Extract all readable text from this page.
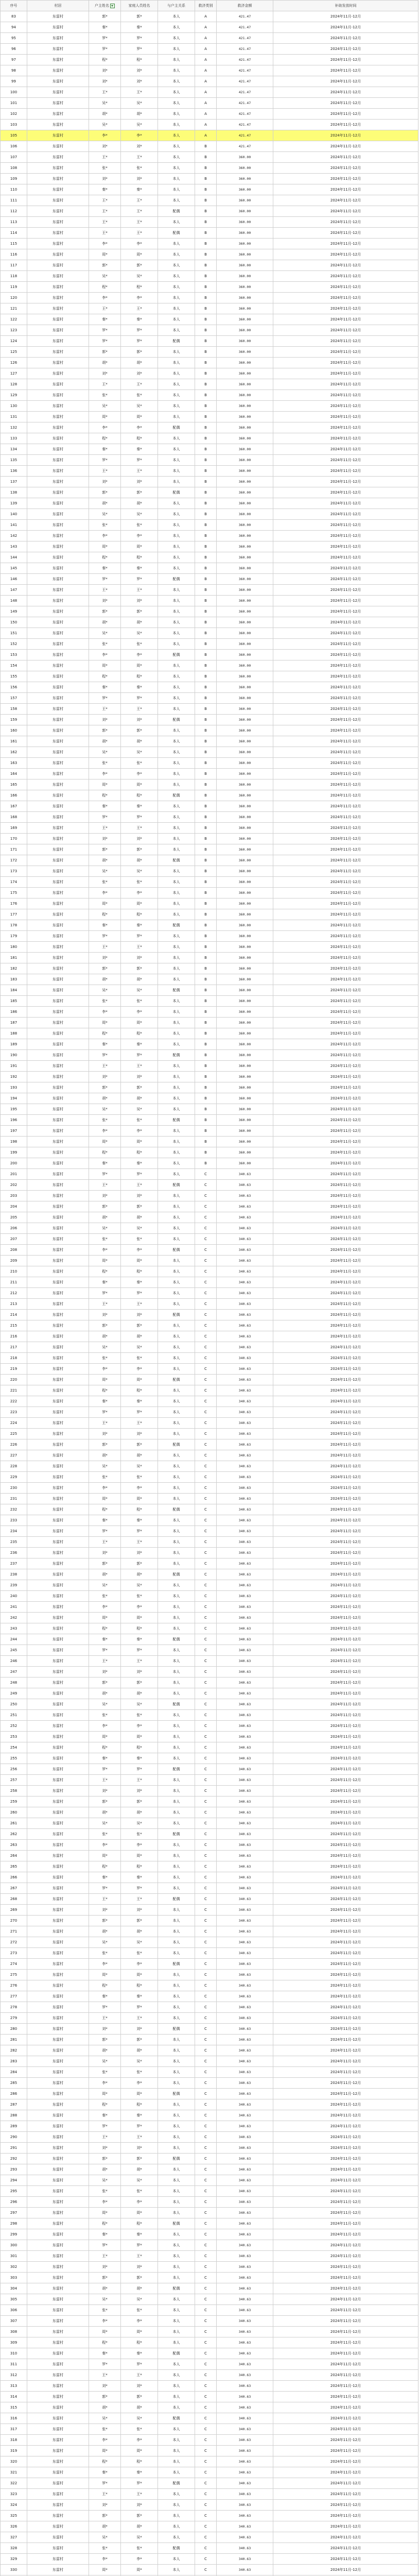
序号	村居	户主姓名	家庭人员姓名	与户主关系	救济类别	救济金额	补助发放时间
83	东雷村	郭*	郭*	本人	A	421.47	2024年11月-12月
94	东雷村	秦*	秦*	本人	A	421.47	2024年11月-12月
95	东雷村	罗*	罗*	本人	A	421.47	2024年11月-12月
96	东雷村	罗*	罗*	本人	A	421.47	2024年11月-12月
97	东雷村	程*	程*	本人	A	421.47	2024年11月-12月
98	东雷村	刘*	刘*	本人	A	421.47	2024年11月-12月
99	东雷村	刘*	刘*	本人	A	421.47	2024年11月-12月
100	东雷村	王*	王*	本人	A	421.47	2024年11月-12月
101	东雷村	吴*	吴*	本人	A	421.47	2024年11月-12月
102	东雷村	胡*	胡*	本人	A	421.47	2024年11月-12月
103	东雷村	吴*	吴*	本人	A	421.47	2024年11月-12月
105	东雷村	李*	李*	本人	A	421.47	2024年11月-12月
106	东雷村	刘*	刘*	本人	B	421.47	2024年11月-12月
107	东雷村	王*	王*	本人	B	360.00	2024年11月-12月
108	东雷村	张*	张*	本人	B	360.00	2024年11月-12月
109	东雷村	刘*	刘*	本人	B	360.00	2024年11月-12月
110	东雷村	秦*	秦*	本人	B	360.00	2024年11月-12月
111	东雷村	王*	王*	本人	B	360.00	2024年11月-12月
112	东雷村	王*	王*	配偶	B	360.00	2024年11月-12月
113	东雷村	王*	王*	本人	B	360.00	2024年11月-12月
114	东雷村	王*	王*	配偶	B	360.00	2024年11月-12月
115	东雷村	李*	李*	本人	B	360.00	2024年11月-12月
116	东雷村	周*	周*	本人	B	360.00	2024年11月-12月
117	东雷村	郭*	郭*	本人	B	360.00	2024年11月-12月
118	东雷村	吴*	吴*	本人	B	360.00	2024年11月-12月
119	东雷村	程*	程*	本人	B	360.00	2024年11月-12月
120	东雷村	李*	李*	本人	B	360.00	2024年11月-12月
121	东雷村	王*	王*	本人	B	360.00	2024年11月-12月
122	东雷村	秦*	秦*	本人	B	360.00	2024年11月-12月
123	东雷村	罗*	罗*	本人	B	360.00	2024年11月-12月
124	东雷村	罗*	罗*	配偶	B	360.00	2024年11月-12月
125	东雷村	郭*	郭*	本人	B	360.00	2024年11月-12月
126	东雷村	胡*	胡*	本人	B	360.00	2024年11月-12月
127	东雷村	刘*	刘*	本人	B	360.00	2024年11月-12月
128	东雷村	王*	王*	本人	B	360.00	2024年11月-12月
129	东雷村	张*	张*	本人	B	360.00	2024年11月-12月
130	东雷村	吴*	吴*	本人	B	360.00	2024年11月-12月
131	东雷村	周*	周*	本人	B	360.00	2024年11月-12月
132	东雷村	李*	李*	配偶	B	360.00	2024年11月-12月
133	东雷村	程*	程*	本人	B	360.00	2024年11月-12月
134	东雷村	秦*	秦*	本人	B	360.00	2024年11月-12月
135	东雷村	罗*	罗*	本人	B	360.00	2024年11月-12月
136	东雷村	王*	王*	本人	B	360.00	2024年11月-12月
137	东雷村	刘*	刘*	本人	B	360.00	2024年11月-12月
138	东雷村	郭*	郭*	配偶	B	360.00	2024年11月-12月
139	东雷村	胡*	胡*	本人	B	360.00	2024年11月-12月
140	东雷村	吴*	吴*	本人	B	360.00	2024年11月-12月
141	东雷村	张*	张*	本人	B	360.00	2024年11月-12月
142	东雷村	李*	李*	本人	B	360.00	2024年11月-12月
143	东雷村	周*	周*	本人	B	360.00	2024年11月-12月
144	东雷村	程*	程*	本人	B	360.00	2024年11月-12月
145	东雷村	秦*	秦*	本人	B	360.00	2024年11月-12月
146	东雷村	罗*	罗*	配偶	B	360.00	2024年11月-12月
147	东雷村	王*	王*	本人	B	360.00	2024年11月-12月
148	东雷村	刘*	刘*	本人	B	360.00	2024年11月-12月
149	东雷村	郭*	郭*	本人	B	360.00	2024年11月-12月
150	东雷村	胡*	胡*	本人	B	360.00	2024年11月-12月
151	东雷村	吴*	吴*	本人	B	360.00	2024年11月-12月
152	东雷村	张*	张*	本人	B	360.00	2024年11月-12月
153	东雷村	李*	李*	配偶	B	360.00	2024年11月-12月
154	东雷村	周*	周*	本人	B	360.00	2024年11月-12月
155	东雷村	程*	程*	本人	B	360.00	2024年11月-12月
156	东雷村	秦*	秦*	本人	B	360.00	2024年11月-12月
157	东雷村	罗*	罗*	本人	B	360.00	2024年11月-12月
158	东雷村	王*	王*	本人	B	360.00	2024年11月-12月
159	东雷村	刘*	刘*	配偶	B	360.00	2024年11月-12月
160	东雷村	郭*	郭*	本人	B	360.00	2024年11月-12月
161	东雷村	胡*	胡*	本人	B	360.00	2024年11月-12月
162	东雷村	吴*	吴*	本人	B	360.00	2024年11月-12月
163	东雷村	张*	张*	本人	B	360.00	2024年11月-12月
164	东雷村	李*	李*	本人	B	360.00	2024年11月-12月
165	东雷村	周*	周*	本人	B	360.00	2024年11月-12月
166	东雷村	程*	程*	配偶	B	360.00	2024年11月-12月
167	东雷村	秦*	秦*	本人	B	360.00	2024年11月-12月
168	东雷村	罗*	罗*	本人	B	360.00	2024年11月-12月
169	东雷村	王*	王*	本人	B	360.00	2024年11月-12月
170	东雷村	刘*	刘*	本人	B	360.00	2024年11月-12月
171	东雷村	郭*	郭*	本人	B	360.00	2024年11月-12月
172	东雷村	胡*	胡*	配偶	B	360.00	2024年11月-12月
173	东雷村	吴*	吴*	本人	B	360.00	2024年11月-12月
174	东雷村	张*	张*	本人	B	360.00	2024年11月-12月
175	东雷村	李*	李*	本人	B	360.00	2024年11月-12月
176	东雷村	周*	周*	本人	B	360.00	2024年11月-12月
177	东雷村	程*	程*	本人	B	360.00	2024年11月-12月
178	东雷村	秦*	秦*	配偶	B	360.00	2024年11月-12月
179	东雷村	罗*	罗*	本人	B	360.00	2024年11月-12月
180	东雷村	王*	王*	本人	B	360.00	2024年11月-12月
181	东雷村	刘*	刘*	本人	B	360.00	2024年11月-12月
182	东雷村	郭*	郭*	本人	B	360.00	2024年11月-12月
183	东雷村	胡*	胡*	本人	B	360.00	2024年11月-12月
184	东雷村	吴*	吴*	配偶	B	360.00	2024年11月-12月
185	东雷村	张*	张*	本人	B	360.00	2024年11月-12月
186	东雷村	李*	李*	本人	B	360.00	2024年11月-12月
187	东雷村	周*	周*	本人	B	360.00	2024年11月-12月
188	东雷村	程*	程*	本人	B	360.00	2024年11月-12月
189	东雷村	秦*	秦*	本人	B	360.00	2024年11月-12月
190	东雷村	罗*	罗*	配偶	B	360.00	2024年11月-12月
191	东雷村	王*	王*	本人	B	360.00	2024年11月-12月
192	东雷村	刘*	刘*	本人	B	360.00	2024年11月-12月
193	东雷村	郭*	郭*	本人	B	360.00	2024年11月-12月
194	东雷村	胡*	胡*	本人	B	360.00	2024年11月-12月
195	东雷村	吴*	吴*	本人	B	360.00	2024年11月-12月
196	东雷村	张*	张*	配偶	B	360.00	2024年11月-12月
197	东雷村	李*	李*	本人	B	360.00	2024年11月-12月
198	东雷村	周*	周*	本人	B	360.00	2024年11月-12月
199	东雷村	程*	程*	本人	B	360.00	2024年11月-12月
200	东雷村	秦*	秦*	本人	B	360.00	2024年11月-12月
201	东雷村	罗*	罗*	本人	C	340.63	2024年11月-12月
202	东雷村	王*	王*	配偶	C	340.63	2024年11月-12月
203	东雷村	刘*	刘*	本人	C	340.63	2024年11月-12月
204	东雷村	郭*	郭*	本人	C	340.63	2024年11月-12月
205	东雷村	胡*	胡*	本人	C	340.63	2024年11月-12月
206	东雷村	吴*	吴*	本人	C	340.63	2024年11月-12月
207	东雷村	张*	张*	本人	C	340.63	2024年11月-12月
208	东雷村	李*	李*	配偶	C	340.63	2024年11月-12月
209	东雷村	周*	周*	本人	C	340.63	2024年11月-12月
210	东雷村	程*	程*	本人	C	340.63	2024年11月-12月
211	东雷村	秦*	秦*	本人	C	340.63	2024年11月-12月
212	东雷村	罗*	罗*	本人	C	340.63	2024年11月-12月
213	东雷村	王*	王*	本人	C	340.63	2024年11月-12月
214	东雷村	刘*	刘*	配偶	C	340.63	2024年11月-12月
215	东雷村	郭*	郭*	本人	C	340.63	2024年11月-12月
216	东雷村	胡*	胡*	本人	C	340.63	2024年11月-12月
217	东雷村	吴*	吴*	本人	C	340.63	2024年11月-12月
218	东雷村	张*	张*	本人	C	340.63	2024年11月-12月
219	东雷村	李*	李*	本人	C	340.63	2024年11月-12月
220	东雷村	周*	周*	配偶	C	340.63	2024年11月-12月
221	东雷村	程*	程*	本人	C	340.63	2024年11月-12月
222	东雷村	秦*	秦*	本人	C	340.63	2024年11月-12月
223	东雷村	罗*	罗*	本人	C	340.63	2024年11月-12月
224	东雷村	王*	王*	本人	C	340.63	2024年11月-12月
225	东雷村	刘*	刘*	本人	C	340.63	2024年11月-12月
226	东雷村	郭*	郭*	配偶	C	340.63	2024年11月-12月
227	东雷村	胡*	胡*	本人	C	340.63	2024年11月-12月
228	东雷村	吴*	吴*	本人	C	340.63	2024年11月-12月
229	东雷村	张*	张*	本人	C	340.63	2024年11月-12月
230	东雷村	李*	李*	本人	C	340.63	2024年11月-12月
231	东雷村	周*	周*	本人	C	340.63	2024年11月-12月
232	东雷村	程*	程*	配偶	C	340.63	2024年11月-12月
233	东雷村	秦*	秦*	本人	C	340.63	2024年11月-12月
234	东雷村	罗*	罗*	本人	C	340.63	2024年11月-12月
235	东雷村	王*	王*	本人	C	340.63	2024年11月-12月
236	东雷村	刘*	刘*	本人	C	340.63	2024年11月-12月
237	东雷村	郭*	郭*	本人	C	340.63	2024年11月-12月
238	东雷村	胡*	胡*	配偶	C	340.63	2024年11月-12月
239	东雷村	吴*	吴*	本人	C	340.63	2024年11月-12月
240	东雷村	张*	张*	本人	C	340.63	2024年11月-12月
241	东雷村	李*	李*	本人	C	340.63	2024年11月-12月
242	东雷村	周*	周*	本人	C	340.63	2024年11月-12月
243	东雷村	程*	程*	本人	C	340.63	2024年11月-12月
244	东雷村	秦*	秦*	配偶	C	340.63	2024年11月-12月
245	东雷村	罗*	罗*	本人	C	340.63	2024年11月-12月
246	东雷村	王*	王*	本人	C	340.63	2024年11月-12月
247	东雷村	刘*	刘*	本人	C	340.63	2024年11月-12月
248	东雷村	郭*	郭*	本人	C	340.63	2024年11月-12月
249	东雷村	胡*	胡*	本人	C	340.63	2024年11月-12月
250	东雷村	吴*	吴*	配偶	C	340.63	2024年11月-12月
251	东雷村	张*	张*	本人	C	340.63	2024年11月-12月
252	东雷村	李*	李*	本人	C	340.63	2024年11月-12月
253	东雷村	周*	周*	本人	C	340.63	2024年11月-12月
254	东雷村	程*	程*	本人	C	340.63	2024年11月-12月
255	东雷村	秦*	秦*	本人	C	340.63	2024年11月-12月
256	东雷村	罗*	罗*	配偶	C	340.63	2024年11月-12月
257	东雷村	王*	王*	本人	C	340.63	2024年11月-12月
258	东雷村	刘*	刘*	本人	C	340.63	2024年11月-12月
259	东雷村	郭*	郭*	本人	C	340.63	2024年11月-12月
260	东雷村	胡*	胡*	本人	C	340.63	2024年11月-12月
261	东雷村	吴*	吴*	本人	C	340.63	2024年11月-12月
262	东雷村	张*	张*	配偶	C	340.63	2024年11月-12月
263	东雷村	李*	李*	本人	C	340.63	2024年11月-12月
264	东雷村	周*	周*	本人	C	340.63	2024年11月-12月
265	东雷村	程*	程*	本人	C	340.63	2024年11月-12月
266	东雷村	秦*	秦*	本人	C	340.63	2024年11月-12月
267	东雷村	罗*	罗*	本人	C	340.63	2024年11月-12月
268	东雷村	王*	王*	配偶	C	340.63	2024年11月-12月
269	东雷村	刘*	刘*	本人	C	340.63	2024年11月-12月
270	东雷村	郭*	郭*	本人	C	340.63	2024年11月-12月
271	东雷村	胡*	胡*	本人	C	340.63	2024年11月-12月
272	东雷村	吴*	吴*	本人	C	340.63	2024年11月-12月
273	东雷村	张*	张*	本人	C	340.63	2024年11月-12月
274	东雷村	李*	李*	配偶	C	340.63	2024年11月-12月
275	东雷村	周*	周*	本人	C	340.63	2024年11月-12月
276	东雷村	程*	程*	本人	C	340.63	2024年11月-12月
277	东雷村	秦*	秦*	本人	C	340.63	2024年11月-12月
278	东雷村	罗*	罗*	本人	C	340.63	2024年11月-12月
279	东雷村	王*	王*	本人	C	340.63	2024年11月-12月
280	东雷村	刘*	刘*	配偶	C	340.63	2024年11月-12月
281	东雷村	郭*	郭*	本人	C	340.63	2024年11月-12月
282	东雷村	胡*	胡*	本人	C	340.63	2024年11月-12月
283	东雷村	吴*	吴*	本人	C	340.63	2024年11月-12月
284	东雷村	张*	张*	本人	C	340.63	2024年11月-12月
285	东雷村	李*	李*	本人	C	340.63	2024年11月-12月
286	东雷村	周*	周*	配偶	C	340.63	2024年11月-12月
287	东雷村	程*	程*	本人	C	340.63	2024年11月-12月
288	东雷村	秦*	秦*	本人	C	340.63	2024年11月-12月
289	东雷村	罗*	罗*	本人	C	340.63	2024年11月-12月
290	东雷村	王*	王*	本人	C	340.63	2024年11月-12月
291	东雷村	刘*	刘*	本人	C	340.63	2024年11月-12月
292	东雷村	郭*	郭*	配偶	C	340.63	2024年11月-12月
293	东雷村	胡*	胡*	本人	C	340.63	2024年11月-12月
294	东雷村	吴*	吴*	本人	C	340.63	2024年11月-12月
295	东雷村	张*	张*	本人	C	340.63	2024年11月-12月
296	东雷村	李*	李*	本人	C	340.63	2024年11月-12月
297	东雷村	周*	周*	本人	C	340.63	2024年11月-12月
298	东雷村	程*	程*	配偶	C	340.63	2024年11月-12月
299	东雷村	秦*	秦*	本人	C	340.63	2024年11月-12月
300	东雷村	罗*	罗*	本人	C	340.63	2024年11月-12月
301	东雷村	王*	王*	本人	C	340.63	2024年11月-12月
302	东雷村	刘*	刘*	本人	C	340.63	2024年11月-12月
303	东雷村	郭*	郭*	本人	C	340.63	2024年11月-12月
304	东雷村	胡*	胡*	配偶	C	340.63	2024年11月-12月
305	东雷村	吴*	吴*	本人	C	340.63	2024年11月-12月
306	东雷村	张*	张*	本人	C	340.63	2024年11月-12月
307	东雷村	李*	李*	本人	C	340.63	2024年11月-12月
308	东雷村	周*	周*	本人	C	340.63	2024年11月-12月
309	东雷村	程*	程*	本人	C	340.63	2024年11月-12月
310	东雷村	秦*	秦*	配偶	C	340.63	2024年11月-12月
311	东雷村	罗*	罗*	本人	C	340.63	2024年11月-12月
312	东雷村	王*	王*	本人	C	340.63	2024年11月-12月
313	东雷村	刘*	刘*	本人	C	340.63	2024年11月-12月
314	东雷村	郭*	郭*	本人	C	340.63	2024年11月-12月
315	东雷村	胡*	胡*	本人	C	340.63	2024年11月-12月
316	东雷村	吴*	吴*	配偶	C	340.63	2024年11月-12月
317	东雷村	张*	张*	本人	C	340.63	2024年11月-12月
318	东雷村	李*	李*	本人	C	340.63	2024年11月-12月
319	东雷村	周*	周*	本人	C	340.63	2024年11月-12月
320	东雷村	程*	程*	本人	C	340.63	2024年11月-12月
321	东雷村	秦*	秦*	本人	C	340.63	2024年11月-12月
322	东雷村	罗*	罗*	配偶	C	340.63	2024年11月-12月
323	东雷村	王*	王*	本人	C	340.63	2024年11月-12月
324	东雷村	刘*	刘*	本人	C	340.63	2024年11月-12月
325	东雷村	郭*	郭*	本人	C	340.63	2024年11月-12月
326	东雷村	胡*	胡*	本人	C	340.63	2024年11月-12月
327	东雷村	吴*	吴*	本人	C	340.63	2024年11月-12月
328	东雷村	张*	张*	配偶	C	340.63	2024年11月-12月
329	东雷村	李*	李*	本人	C	340.63	2024年11月-12月
330	东雷村	周*	周*	本人	C	340.63	2024年11月-12月
